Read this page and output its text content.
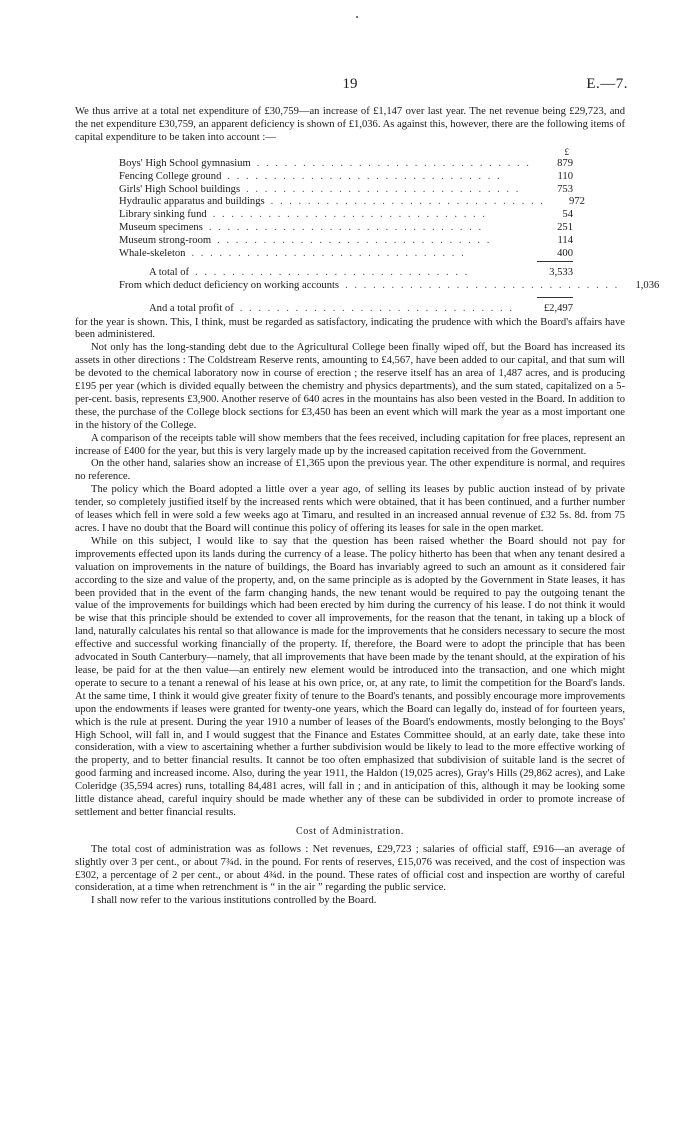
19	E.—7.

We thus arrive at a total net expenditure of £30,759—an increase of £1,147 over last year. The net revenue being £29,723, and the net expenditure £30,759, an apparent deficiency is shown of £1,036. As against this, however, there are the following items of capital expenditure to be taken into account :—

£
Boys' High School gymnasium . . . . . . . . . . . . . . . . . . . . . . . . . . . . . .	879
Fencing College ground . . . . . . . . . . . . . . . . . . . . . . . . . . . . . .	110
Girls' High School buildings . . . . . . . . . . . . . . . . . . . . . . . . . . . . . .	753
Hydraulic apparatus and buildings . . . . . . . . . . . . . . . . . . . . . . . . . . . . . .	972
Library sinking fund . . . . . . . . . . . . . . . . . . . . . . . . . . . . . .	54
Museum specimens . . . . . . . . . . . . . . . . . . . . . . . . . . . . . .	251
Museum strong-room . . . . . . . . . . . . . . . . . . . . . . . . . . . . . .	114
Whale-skeleton . . . . . . . . . . . . . . . . . . . . . . . . . . . . . .	400
A total of . . . . . . . . . . . . . . . . . . . . . . . . . . . . . .	3,533
From which deduct deficiency on working accounts . . . . . . . . . . . . . . . . . . . . . . . . . . . . . .	1,036
And a total profit of . . . . . . . . . . . . . . . . . . . . . . . . . . . . . .	£2,497

for the year is shown. This, I think, must be regarded as satisfactory, indicating the prudence with which the Board's affairs have been administered.

Not only has the long-standing debt due to the Agricultural College been finally wiped off, but the Board has increased its assets in other directions : The Coldstream Reserve rents, amounting to £4,567, have been added to our capital, and that sum will be devoted to the chemical laboratory now in course of erection ; the reserve itself has an area of 1,487 acres, and is producing £195 per year (which is divided equally between the chemistry and physics departments), and the sum stated, capitalized on a 5-per-cent. basis, represents £3,900. Another reserve of 640 acres in the mountains has also been vested in the Board. In addition to these, the purchase of the College block sections for £3,450 has been an event which will mark the year as a most important one in the history of the College.

A comparison of the receipts table will show members that the fees received, including capitation for free places, represent an increase of £400 for the year, but this is very largely made up by the increased capitation received from the Government.

On the other hand, salaries show an increase of £1,365 upon the previous year. The other expenditure is normal, and requires no reference.

The policy which the Board adopted a little over a year ago, of selling its leases by public auction instead of by private tender, so completely justified itself by the increased rents which were obtained, that it has been continued, and a further number of leases which fell in were sold a few weeks ago at Timaru, and resulted in an increased annual revenue of £32 5s. 8d. from 75 acres. I have no doubt that the Board will continue this policy of offering its leases for sale in the open market.

While on this subject, I would like to say that the question has been raised whether the Board should not pay for improvements effected upon its lands during the currency of a lease. The policy hitherto has been that when any tenant desired a valuation on improvements in the nature of buildings, the Board has invariably agreed to such an amount as it considered fair according to the size and value of the property, and, on the same principle as is adopted by the Government in State leases, it has been provided that in the event of the farm changing hands, the new tenant would be required to pay the outgoing tenant the value of the improvements for buildings which had been erected by him during the currency of his lease. I do not think it would be wise that this principle should be extended to cover all improvements, for the reason that the tenant, in taking up a block of land, naturally calculates his rental so that allowance is made for the improvements that he considers necessary to secure the most effective and successful working financially of the property. If, therefore, the Board were to adopt the principle that has been advocated in South Canterbury—namely, that all improvements that have been made by the tenant should, at the expiration of his lease, be paid for at the then value—an entirely new element would be introduced into the transaction, and one which might operate to secure to a tenant a renewal of his lease at his own price, or, at any rate, to limit the competition for the Board's lands. At the same time, I think it would give greater fixity of tenure to the Board's tenants, and possibly encourage more improvements upon the endowments if leases were granted for twenty-one years, which the Board can legally do, instead of for fourteen years, which is the rule at present. During the year 1910 a number of leases of the Board's endowments, mostly belonging to the Boys' High School, will fall in, and I would suggest that the Finance and Estates Committee should, at an early date, take these into consideration, with a view to ascertaining whether a further subdivision would be likely to lead to the more effective working of the property, and to better financial results. It cannot be too often emphasized that subdivision of suitable land is the secret of good farming and increased income. Also, during the year 1911, the Haldon (19,025 acres), Gray's Hills (29,862 acres), and Lake Coleridge (35,594 acres) runs, totalling 84,481 acres, will fall in ; and in anticipation of this, although it may be looking some little distance ahead, careful inquiry should be made whether any of these can be subdivided in order to promote increase of settlement and better financial results.

Cost of Administration.

The total cost of administration was as follows : Net revenues, £29,723 ; salaries of official staff, £916—an average of slightly over 3 per cent., or about 7¾d. in the pound. For rents of reserves, £15,076 was received, and the cost of inspection was £302, a percentage of 2 per cent., or about 4¾d. in the pound. These rates of official cost and inspection are worthy of careful consideration, at a time when retrenchment is “ in the air ” regarding the public service.

I shall now refer to the various institutions controlled by the Board.
